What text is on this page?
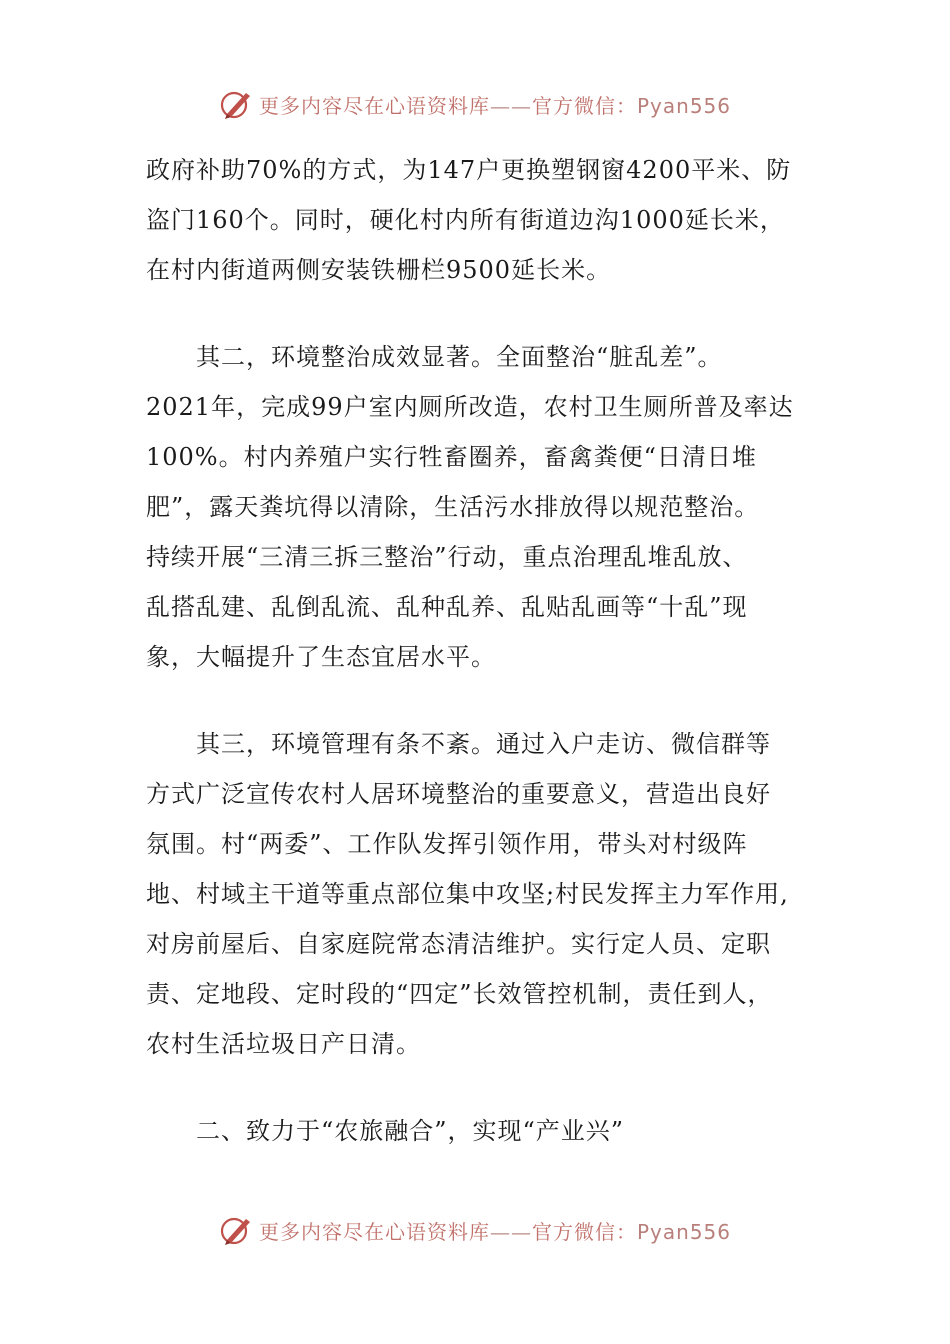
更多内容尽在心语资料库——官方微信：Pyan556

政府补助70%的方式，为147户更换塑钢窗4200平米、防
盗门160个。同时，硬化村内所有街道边沟1000延长米，
在村内街道两侧安装铁栅栏9500延长米。

其二，环境整治成效显著。全面整治“脏乱差”。
2021年，完成99户室内厕所改造，农村卫生厕所普及率达
100%。村内养殖户实行牲畜圈养，畜禽粪便“日清日堆
肥”，露天粪坑得以清除，生活污水排放得以规范整治。
持续开展“三清三拆三整治”行动，重点治理乱堆乱放、
乱搭乱建、乱倒乱流、乱种乱养、乱贴乱画等“十乱”现
象，大幅提升了生态宜居水平。

其三，环境管理有条不紊。通过入户走访、微信群等
方式广泛宣传农村人居环境整治的重要意义，营造出良好
氛围。村“两委”、工作队发挥引领作用，带头对村级阵
地、村域主干道等重点部位集中攻坚;村民发挥主力军作用,
对房前屋后、自家庭院常态清洁维护。实行定人员、定职
责、定地段、定时段的“四定”长效管控机制，责任到人，
农村生活垃圾日产日清。

二、致力于“农旅融合”，实现“产业兴”

更多内容尽在心语资料库——官方微信：Pyan556
